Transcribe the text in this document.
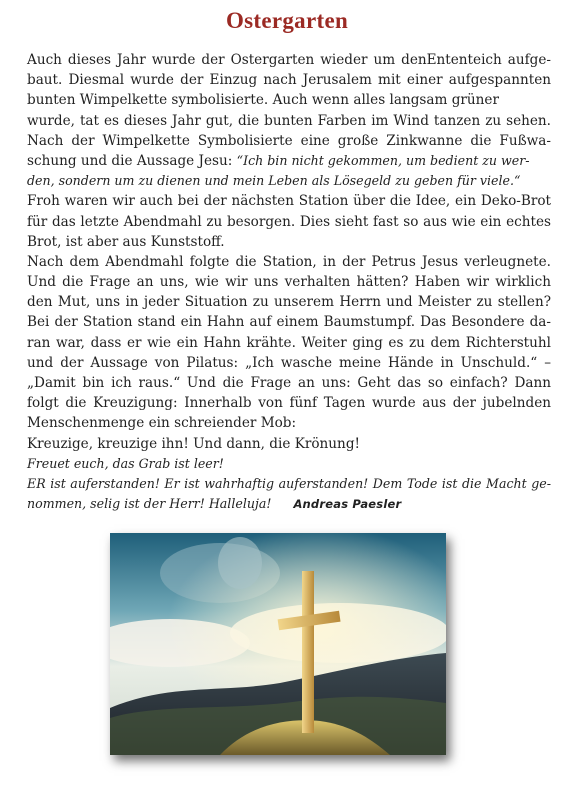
Ostergarten
Auch dieses Jahr wurde der Ostergarten wieder um denEntenteich aufge-
baut. Diesmal wurde der Einzug nach Jerusalem mit einer aufgespannten
bunten Wimpelkette symbolisierte. Auch wenn alles langsam grüner
wurde, tat es dieses Jahr gut, die bunten Farben im Wind tanzen zu sehen.
Nach der Wimpelkette Symbolisierte eine große Zinkwanne die Fußwa-
schung und die Aussage Jesu: “Ich bin nicht gekommen, um bedient zu wer-
den, sondern um zu dienen und mein Leben als Lösegeld zu geben für viele.“
Froh waren wir auch bei der nächsten Station über die Idee, ein Deko-Brot
für das letzte Abendmahl zu besorgen. Dies sieht fast so aus wie ein echtes
Brot, ist aber aus Kunststoff.
Nach dem Abendmahl folgte die Station, in der Petrus Jesus verleugnete.
Und die Frage an uns, wie wir uns verhalten hätten? Haben wir wirklich
den Mut, uns in jeder Situation zu unserem Herrn und Meister zu stellen?
Bei der Station stand ein Hahn auf einem Baumstumpf. Das Besondere da-
ran war, dass er wie ein Hahn krähte. Weiter ging es zu dem Richterstuhl
und der Aussage von Pilatus: „Ich wasche meine Hände in Unschuld.“ –
„Damit bin ich raus.“ Und die Frage an uns: Geht das so einfach? Dann
folgt die Kreuzigung: Innerhalb von fünf Tagen wurde aus der jubelnden
Menschenmenge ein schreiender Mob:
Kreuzige, kreuzige ihn! Und dann, die Krönung!
Freuet euch, das Grab ist leer!
ER ist auferstanden! Er ist wahrhaftig auferstanden! Dem Tode ist die Macht ge-
nommen, selig ist der Herr! Halleluja! Andreas Paesler
